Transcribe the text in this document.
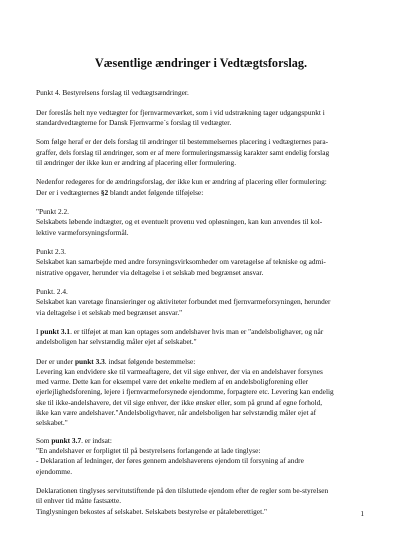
Væsentlige ændringer i Vedtægtsforslag.

Punkt 4. Bestyrelsens forslag til vedtægtsændringer.

Der foreslås helt nye vedtægter for fjernvarmeværket, som i vid udstrækning tager udgangspunkt i
standardvedtægterne for Dansk Fjernvarme´s forslag til vedtægter.

Som følge heraf er der dels forslag til ændringer til bestemmelsernes placering i vedtægternes para-
graffer, dels forslag til ændringer, som er af mere formuleringsmæssig karakter samt endelig forslag
til ændringer der ikke kun er ændring af placering eller formulering.

Nedenfor redegøres for de ændringsforslag, der ikke kun er ændring af placering eller formulering:
Der er i vedtægternes §2 blandt andet følgende tilføjelse:

"Punkt 2.2.
Selskabets løbende indtægter, og et eventuelt provenu ved opløsningen, kan kun anvendes til kol-
lektive varmeforsyningsformål.

Punkt 2.3.
Selskabet kan samarbejde med andre forsyningsvirksomheder om varetagelse af tekniske og admi-
nistrative opgaver, herunder via deltagelse i et selskab med begrænset ansvar.

Punkt. 2.4.
Selskabet kan varetage finansieringer og aktiviteter forbundet med fjernvarmeforsyningen, herunder
via deltagelse i et selskab med begrænset ansvar."

I punkt 3.1. er tilføjet at man kan optages som andelshaver hvis man er "andelsbolighaver, og når
andelsboligen har selvstændig måler ejet af selskabet."

Der er under punkt 3.3. indsat følgende bestemmelse:
Levering kan endvidere ske til varmeaftagere, det vil sige enhver, der via en andelshaver forsynes
med varme. Dette kan for eksempel være det enkelte medlem af en andelsboligforening eller
ejerlejlighedsforening, lejere i fjernvarmeforsynede ejendomme, forpagtere etc. Levering kan endelig
ske til ikke-andelshavere, det vil sige enhver, der ikke ønsker eller, som på grund af egne forhold,
ikke kan være andelshaver."Andelsboligvhaver, når andelsboligen har selvstændig måler ejet af
selskabet."

Som punkt 3.7. er indsat:
"En andelshaver er forpligtet til på bestyrelsens forlangende at lade tinglyse:
- Deklaration af ledninger, der føres gennem andelshaverens ejendom til forsyning af andre
ejendomme.

Deklarationen tinglyses servitutstiftende på den tilsluttede ejendom efter de regler som be-styrelsen
til enhver tid måtte fastsætte.
Tinglysningen bekostes af selskabet. Selskabets bestyrelse er påtaleberettiget."	1
